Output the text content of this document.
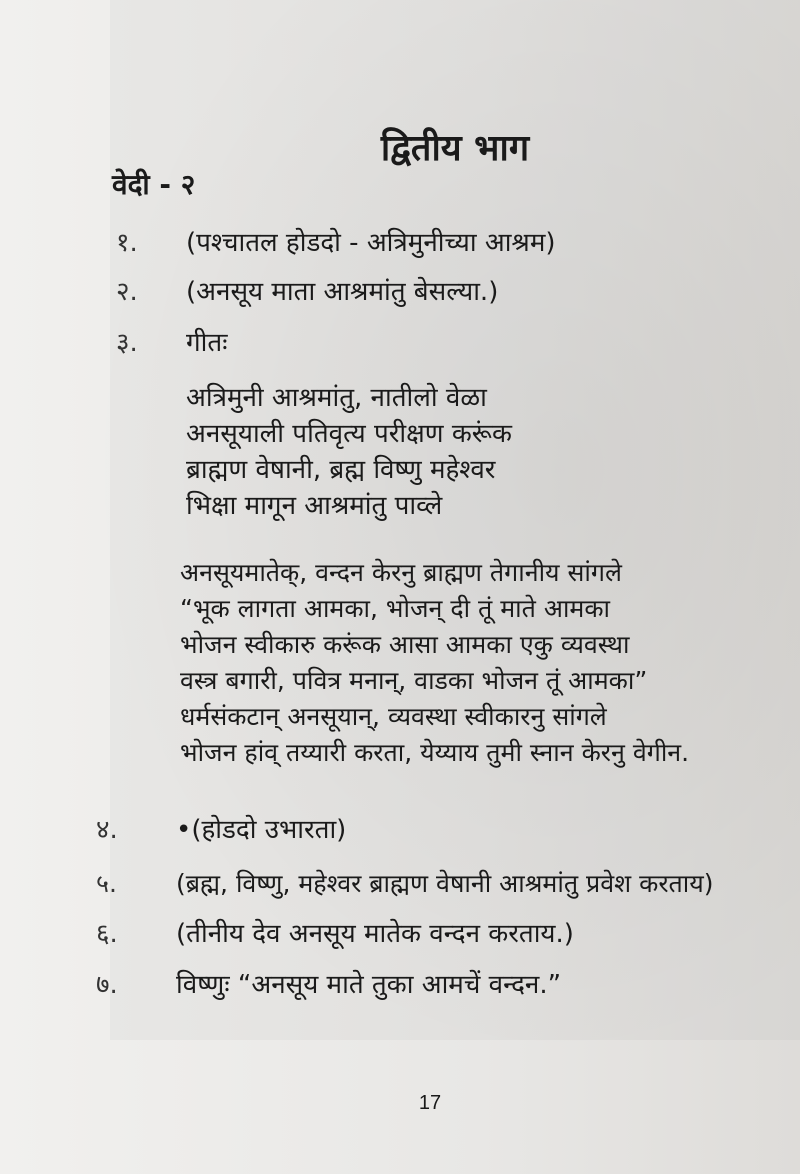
द्वितीय भाग
वेदी - २
१. (पश्चातल होडदो - अत्रिमुनीच्या आश्रम)
२. (अनसूय माता आश्रमांतु बेसल्या.)
३. गीतः
अत्रिमुनी आश्रमांतु, नातीलो वेळा
अनसूयाली पतिवृत्य परीक्षण करूंक
ब्राह्मण वेषानी, ब्रह्म विष्णु महेश्वर
भिक्षा मागून आश्रमांतु पाव्ले
अनसूयमातेक्, वन्दन केरनु ब्राह्मण तेगानीय सांगले
“भूक लागता आमका, भोजन् दी तूं माते आमका
भोजन स्वीकारु करूंक आसा आमका एकु व्यवस्था
वस्त्र बगारी, पवित्र मनान्, वाडका भोजन तूं आमका”
धर्मसंकटान् अनसूयान्, व्यवस्था स्वीकारनु सांगले
भोजन हांव् तय्यारी करता, येय्याय तुमी स्नान केरनु वेगीन.
४. •(होडदो उभारता)
५. (ब्रह्म, विष्णु, महेश्वर ब्राह्मण वेषानी आश्रमांतु प्रवेश करताय)
६. (तीनीय देव अनसूय मातेक वन्दन करताय.)
७. विष्णुः “अनसूय माते तुका आमचें वन्दन.”
17
